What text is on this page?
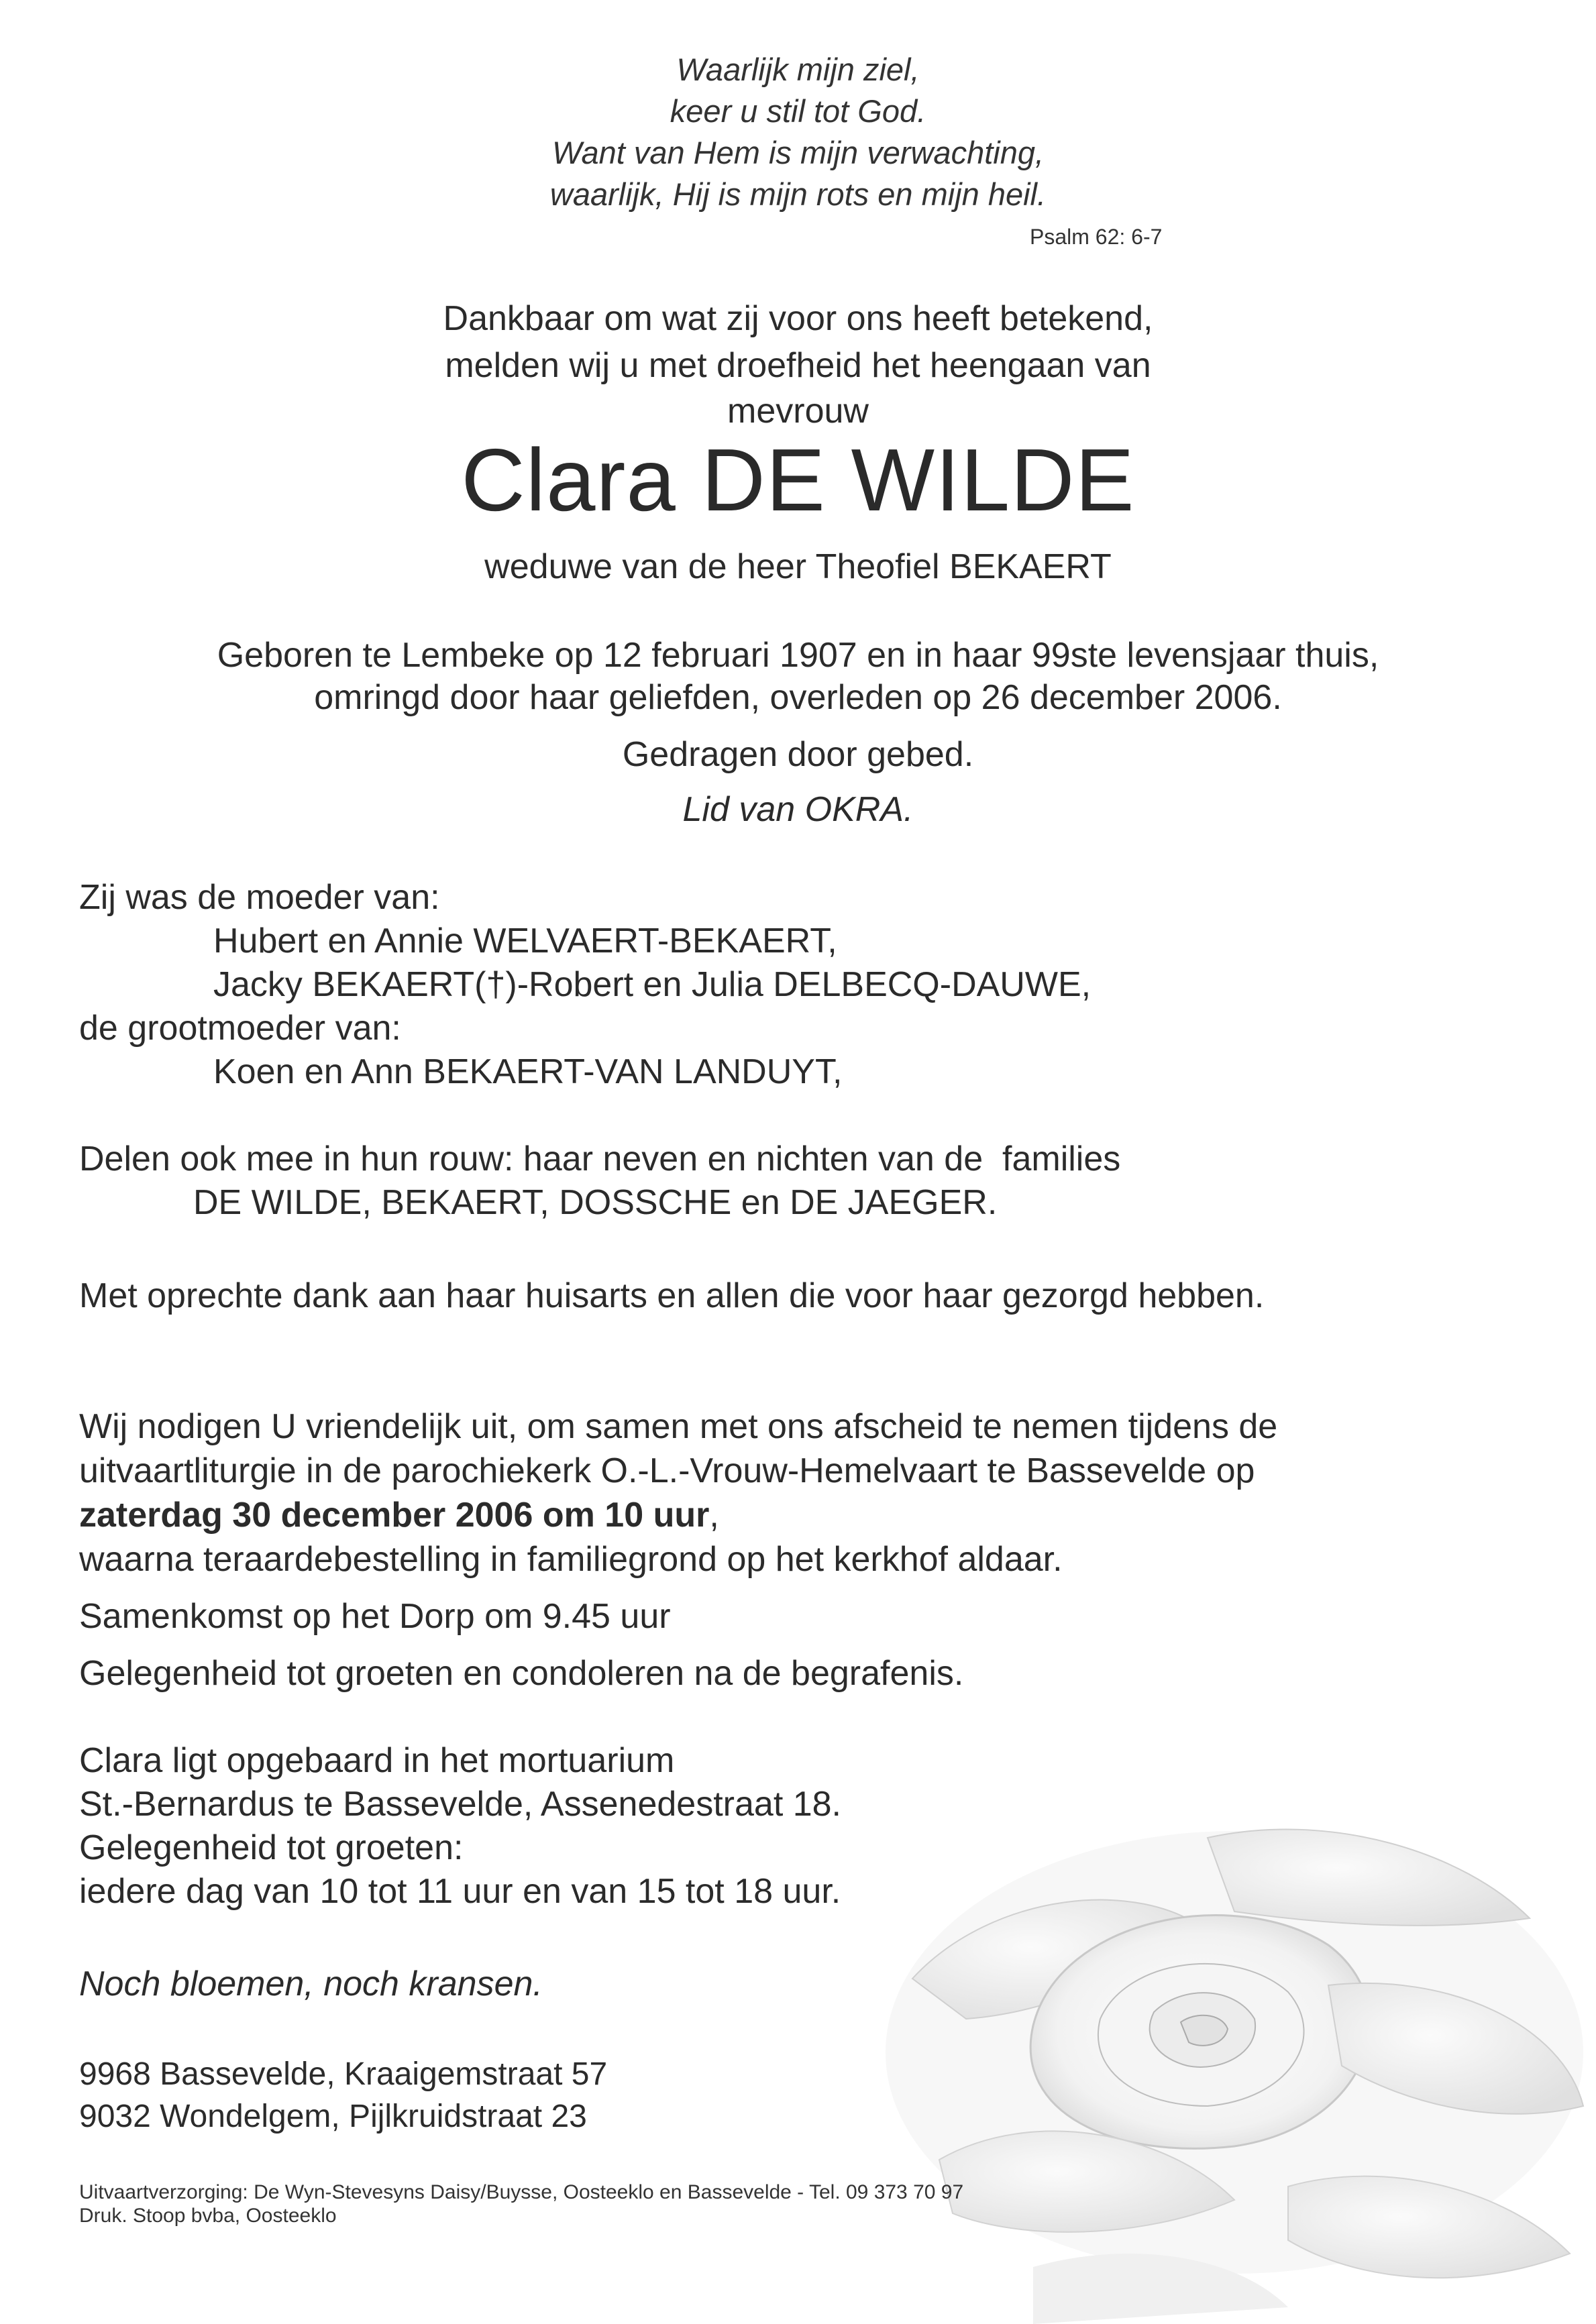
Waarlijk mijn ziel,
keer u stil tot God.
Want van Hem is mijn verwachting,
waarlijk, Hij is mijn rots en mijn heil.
Psalm 62: 6-7
Dankbaar om wat zij voor ons heeft betekend,
melden wij u met droefheid het heengaan van
mevrouw
Clara DE WILDE
weduwe van de heer Theofiel BEKAERT
Geboren te Lembeke op 12 februari 1907 en in haar 99ste levensjaar thuis,
omringd door haar geliefden, overleden op 26 december 2006.
Gedragen door gebed.
Lid van OKRA.
Zij was de moeder van:
Hubert en Annie WELVAERT-BEKAERT,
Jacky BEKAERT(†)-Robert en Julia DELBECQ-DAUWE,
de grootmoeder van:
Koen en Ann BEKAERT-VAN LANDUYT,
Delen ook mee in hun rouw: haar neven en nichten van de  families
DE WILDE, BEKAERT, DOSSCHE en DE JAEGER.
Met oprechte dank aan haar huisarts en allen die voor haar gezorgd hebben.
Wij nodigen U vriendelijk uit, om samen met ons afscheid te nemen tijdens de
uitvaartliturgie in de parochiekerk O.-L.-Vrouw-Hemelvaart te Bassevelde op
zaterdag 30 december 2006 om 10 uur,
waarna teraardebestelling in familiegrond op het kerkhof aldaar.
Samenkomst op het Dorp om 9.45 uur
Gelegenheid tot groeten en condoleren na de begrafenis.
Clara ligt opgebaard in het mortuarium
St.-Bernardus te Bassevelde, Assenedestraat 18.
Gelegenheid tot groeten:
iedere dag van 10 tot 11 uur en van 15 tot 18 uur.
Noch bloemen, noch kransen.
9968 Bassevelde, Kraaigemstraat 57
9032 Wondelgem, Pijlkruidstraat 23
Uitvaartverzorging: De Wyn-Stevesyns Daisy/Buysse, Oosteeklo en Bassevelde - Tel. 09 373 70 97
Druk. Stoop bvba, Oosteeklo
